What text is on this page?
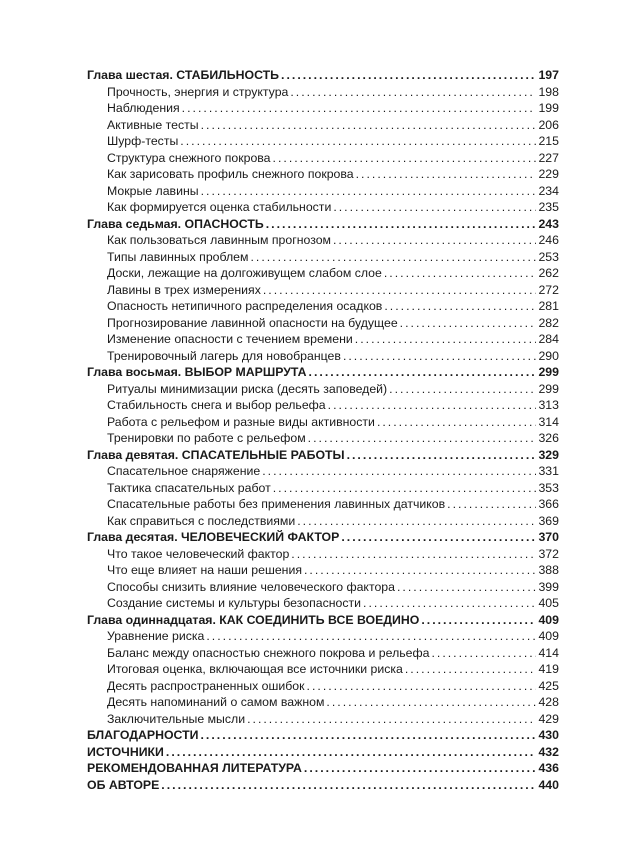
Глава шестая. СТАБИЛЬНОСТЬ . . .	197
Прочность, энергия и структура . . .	198
Наблюдения . . .	199
Активные тесты . . .	206
Шурф-тесты . . .	215
Структура снежного покрова . . .	227
Как зарисовать профиль снежного покрова . . .	229
Мокрые лавины . . .	234
Как формируется оценка стабильности . . .	235
Глава седьмая. ОПАСНОСТЬ . . .	243
Как пользоваться лавинным прогнозом . . .	246
Типы лавинных проблем . . .	253
Доски, лежащие на долгоживущем слабом слое . . .	262
Лавины в трех измерениях . . .	272
Опасность нетипичного распределения осадков . . .	281
Прогнозирование лавинной опасности на будущее . . .	282
Изменение опасности с течением времени . . .	284
Тренировочный лагерь для новобранцев . . .	290
Глава восьмая. ВЫБОР МАРШРУТА . . .	299
Ритуалы минимизации риска (десять заповедей) . . .	299
Стабильность снега и выбор рельефа . . .	313
Работа с рельефом и разные виды активности . . .	314
Тренировки по работе с рельефом . . .	326
Глава девятая. СПАСАТЕЛЬНЫЕ РАБОТЫ . . .	329
Спасательное снаряжение . . .	331
Тактика спасательных работ . . .	353
Спасательные работы без применения лавинных датчиков . . .	366
Как справиться с последствиями . . .	369
Глава десятая. ЧЕЛОВЕЧЕСКИЙ ФАКТОР . . .	370
Что такое человеческий фактор . . .	372
Что еще влияет на наши решения . . .	388
Способы снизить влияние человеческого фактора . . .	399
Создание системы и культуры безопасности . . .	405
Глава одиннадцатая. КАК СОЕДИНИТЬ ВСЕ ВОЕДИНО . . .	409
Уравнение риска . . .	409
Баланс между опасностью снежного покрова и рельефа . . .	414
Итоговая оценка, включающая все источники риска . . .	419
Десять распространенных ошибок . . .	425
Десять напоминаний о самом важном . . .	428
Заключительные мысли . . .	429
БЛАГОДАРНОСТИ . . .	430
ИСТОЧНИКИ . . .	432
РЕКОМЕНДОВАННАЯ ЛИТЕРАТУРА . . .	436
ОБ АВТОРЕ . . .	440
